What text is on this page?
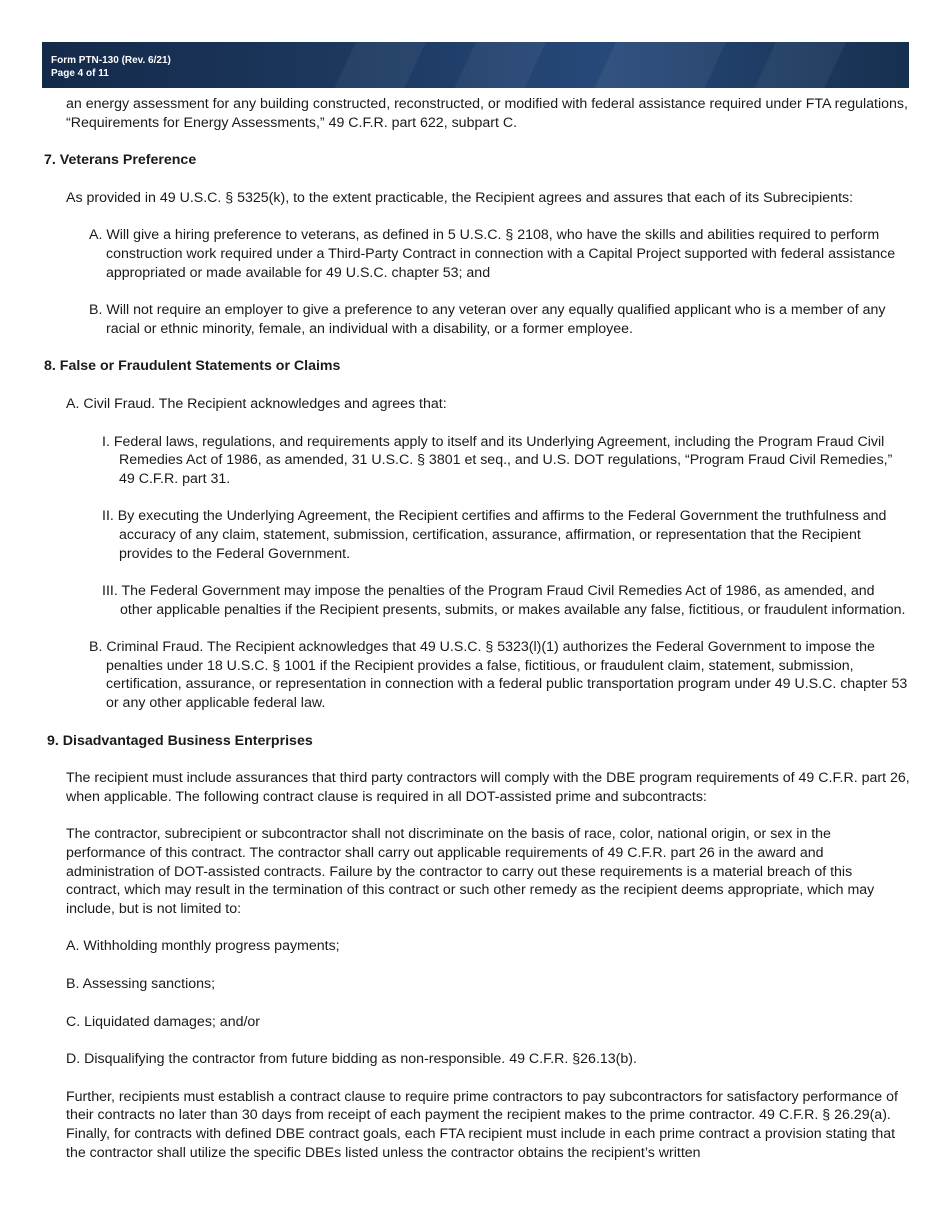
Form PTN-130 (Rev. 6/21)
Page 4 of 11

an energy assessment for any building constructed, reconstructed, or modified with federal assistance required under FTA regulations, “Requirements for Energy Assessments,” 49 C.F.R. part 622, subpart C.

7. Veterans Preference

As provided in 49 U.S.C. § 5325(k), to the extent practicable, the Recipient agrees and assures that each of its Subrecipients:

A. Will give a hiring preference to veterans, as defined in 5 U.S.C. § 2108, who have the skills and abilities required to perform construction work required under a Third-Party Contract in connection with a Capital Project supported with federal assistance appropriated or made available for 49 U.S.C. chapter 53; and

B. Will not require an employer to give a preference to any veteran over any equally qualified applicant who is a member of any racial or ethnic minority, female, an individual with a disability, or a former employee.

8. False or Fraudulent Statements or Claims

A. Civil Fraud. The Recipient acknowledges and agrees that:

I. Federal laws, regulations, and requirements apply to itself and its Underlying Agreement, including the Program Fraud Civil Remedies Act of 1986, as amended, 31 U.S.C. § 3801 et seq., and U.S. DOT regulations, “Program Fraud Civil Remedies,” 49 C.F.R. part 31.

II. By executing the Underlying Agreement, the Recipient certifies and affirms to the Federal Government the truthfulness and accuracy of any claim, statement, submission, certification, assurance, affirmation, or representation that the Recipient provides to the Federal Government.

III. The Federal Government may impose the penalties of the Program Fraud Civil Remedies Act of 1986, as amended, and other applicable penalties if the Recipient presents, submits, or makes available any false, fictitious, or fraudulent information.

B. Criminal Fraud. The Recipient acknowledges that 49 U.S.C. § 5323(l)(1) authorizes the Federal Government to impose the penalties under 18 U.S.C. § 1001 if the Recipient provides a false, fictitious, or fraudulent claim, statement, submission, certification, assurance, or representation in connection with a federal public transportation program under 49 U.S.C. chapter 53 or any other applicable federal law.

9. Disadvantaged Business Enterprises

The recipient must include assurances that third party contractors will comply with the DBE program requirements of 49 C.F.R. part 26, when applicable. The following contract clause is required in all DOT-assisted prime and subcontracts:

The contractor, subrecipient or subcontractor shall not discriminate on the basis of race, color, national origin, or sex in the performance of this contract. The contractor shall carry out applicable requirements of 49 C.F.R. part 26 in the award and administration of DOT-assisted contracts. Failure by the contractor to carry out these requirements is a material breach of this contract, which may result in the termination of this contract or such other remedy as the recipient deems appropriate, which may include, but is not limited to:

A. Withholding monthly progress payments;

B. Assessing sanctions;

C. Liquidated damages; and/or

D. Disqualifying the contractor from future bidding as non-responsible. 49 C.F.R. §26.13(b).

Further, recipients must establish a contract clause to require prime contractors to pay subcontractors for satisfactory performance of their contracts no later than 30 days from receipt of each payment the recipient makes to the prime contractor. 49 C.F.R. § 26.29(a). Finally, for contracts with defined DBE contract goals, each FTA recipient must include in each prime contract a provision stating that the contractor shall utilize the specific DBEs listed unless the contractor obtains the recipient’s written
